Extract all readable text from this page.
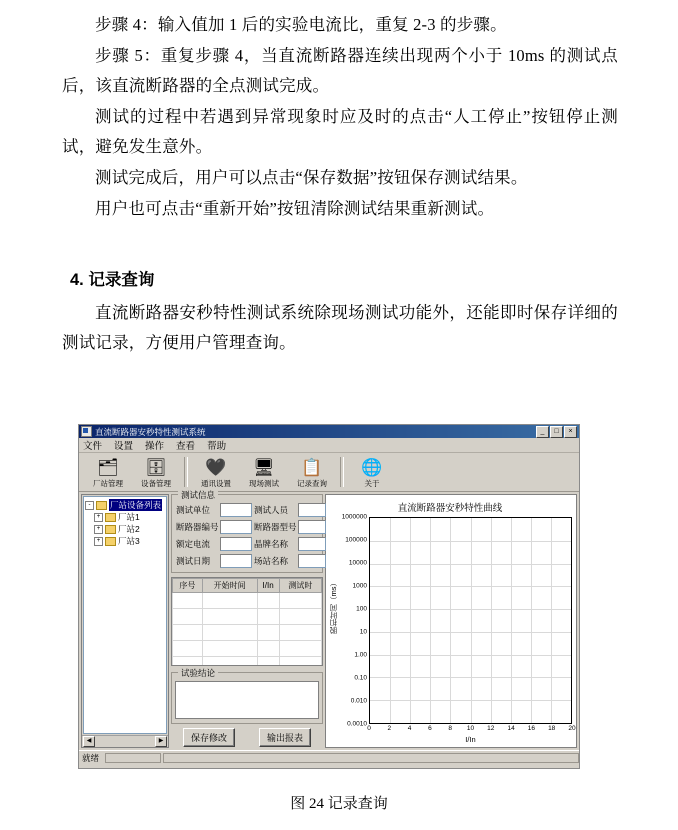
步骤 4：输入值加 1 后的实验电流比，重复 2-3 的步骤。

步骤 5：重复步骤 4，当直流断路器连续出现两个小于 10ms 的测试点后，该直流断路器的全点测试完成。

测试的过程中若遇到异常现象时应及时的点击“人工停止”按钮停止测试，避免发生意外。

测试完成后，用户可以点击“保存数据”按钮保存测试结果。

用户也可点击“重新开始”按钮清除测试结果重新测试。

4. 记录查询

直流断路器安秒特性测试系统除现场测试功能外，还能即时保存详细的测试记录，方便用户管理查询。

直流断路器安秒特性测试系统	_	□	×
文件 设置 操作 查看 帮助
🗂
厂站管理
🗄
设备管理
🖤
通讯设置
🖥
现场测试
📋
记录查询
🌐
关于
-	厂站设备列表
+	厂站1
+	厂站2
+	厂站3
◀	▶
测试信息
测试单位	测试人员
断路器编号	断路器型号
额定电流	晶牌名称
测试日期	场站名称
序号	开始时间	I/In	测试时

试验结论
保存修改	输出报表
直流断路器安秒特性曲线
脱扣时间（ms）
1000000
100000
10000
1000
100
10
1.00
0.10
0.010
0.0010
0	2	4	6	8 10 12 14 16 18 20
I/In
就绪
图 24 记录查询
